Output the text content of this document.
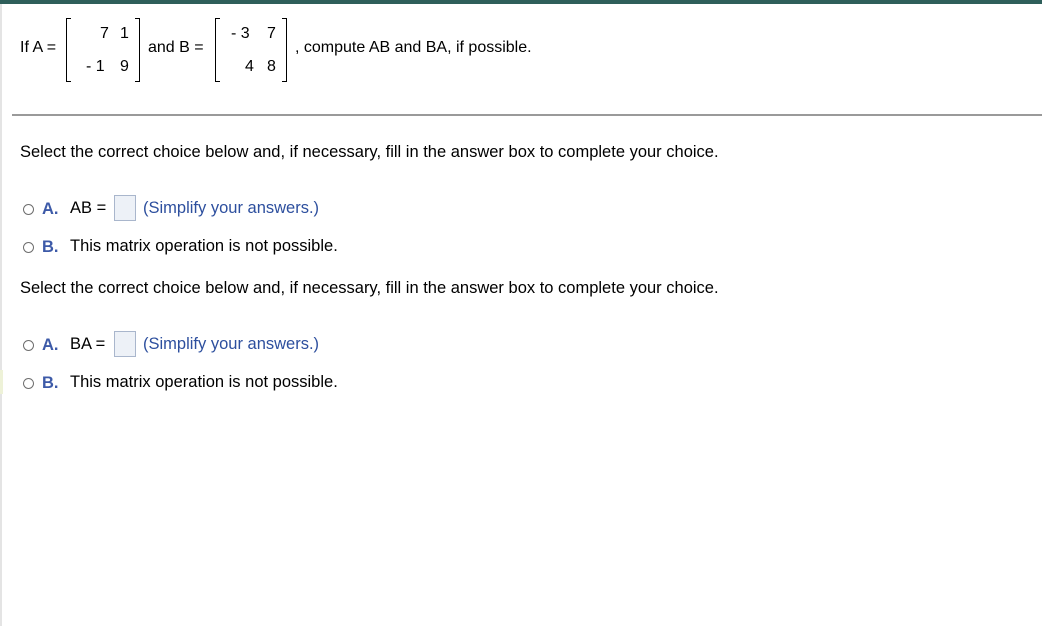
If A =
7 1
- 1 9
and B =
- 3 7
4 8
, compute AB and BA, if possible.
Select the correct choice below and, if necessary, fill in the answer box to complete your choice.
A. AB = (Simplify your answers.)
B. This matrix operation is not possible.
Select the correct choice below and, if necessary, fill in the answer box to complete your choice.
A. BA = (Simplify your answers.)
B. This matrix operation is not possible.
